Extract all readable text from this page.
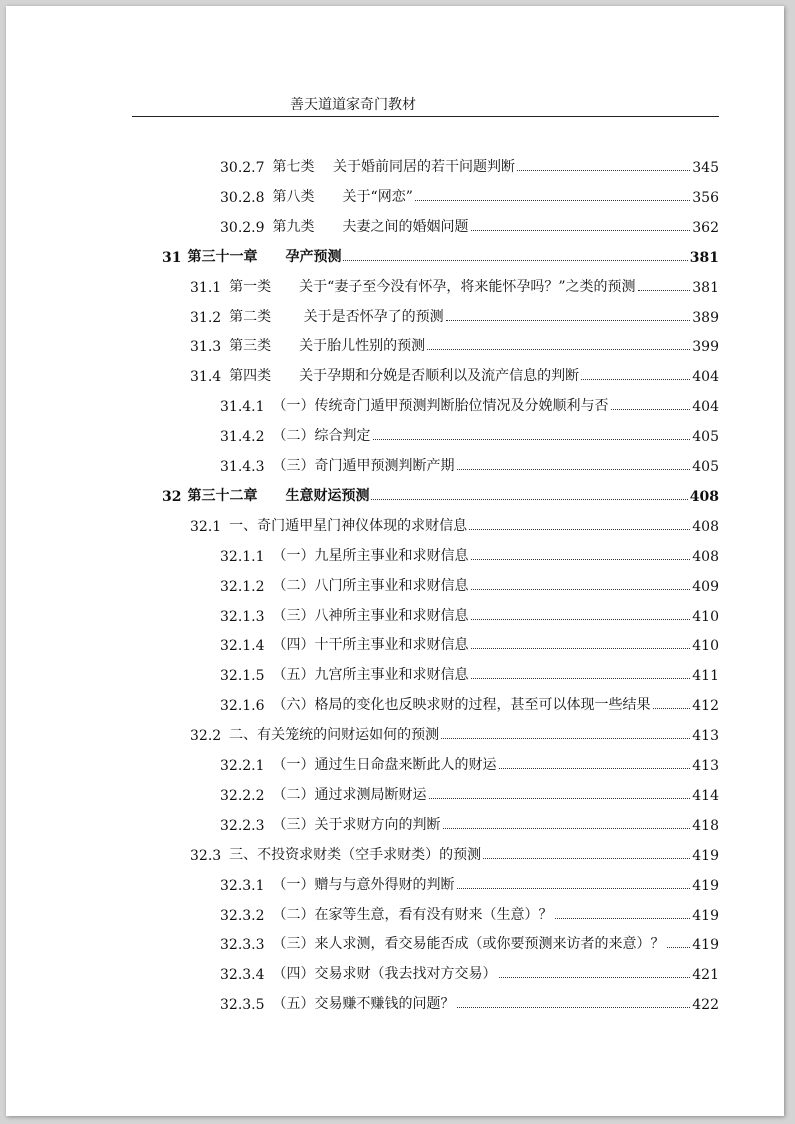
善天道道家奇门教材
30.2.7 第七类　 关于婚前同居的若干问题判断	345
30.2.8 第八类　　关于“网恋”	356
30.2.9 第九类　　夫妻之间的婚姻问题	362
31 第三十一章　　孕产预测	381
31.1 第一类　　关于“妻子至今没有怀孕，将来能怀孕吗？”之类的预测	381
31.2 第二类　　 关于是否怀孕了的预测	389
31.3 第三类　　关于胎儿性别的预测	399
31.4 第四类　　关于孕期和分娩是否顺利以及流产信息的判断	404
31.4.1 （一）传统奇门遁甲预测判断胎位情况及分娩顺利与否	404
31.4.2 （二）综合判定	405
31.4.3 （三）奇门遁甲预测判断产期	405
32 第三十二章　　生意财运预测	408
32.1 一、奇门遁甲星门神仪体现的求财信息	408
32.1.1 （一）九星所主事业和求财信息	408
32.1.2 （二）八门所主事业和求财信息	409
32.1.3 （三）八神所主事业和求财信息	410
32.1.4 （四）十干所主事业和求财信息	410
32.1.5 （五）九宫所主事业和求财信息	411
32.1.6 （六）格局的变化也反映求财的过程，甚至可以体现一些结果	412
32.2 二、有关笼统的问财运如何的预测	413
32.2.1 （一）通过生日命盘来断此人的财运	413
32.2.2 （二）通过求测局断财运	414
32.2.3 （三）关于求财方向的判断	418
32.3 三、不投资求财类（空手求财类）的预测	419
32.3.1 （一）赠与与意外得财的判断	419
32.3.2 （二）在家等生意，看有没有财来（生意）？	419
32.3.3 （三）来人求测，看交易能否成（或你要预测来访者的来意）？ 419
32.3.4 （四）交易求财（我去找对方交易）	421
32.3.5 （五）交易赚不赚钱的问题？	422
